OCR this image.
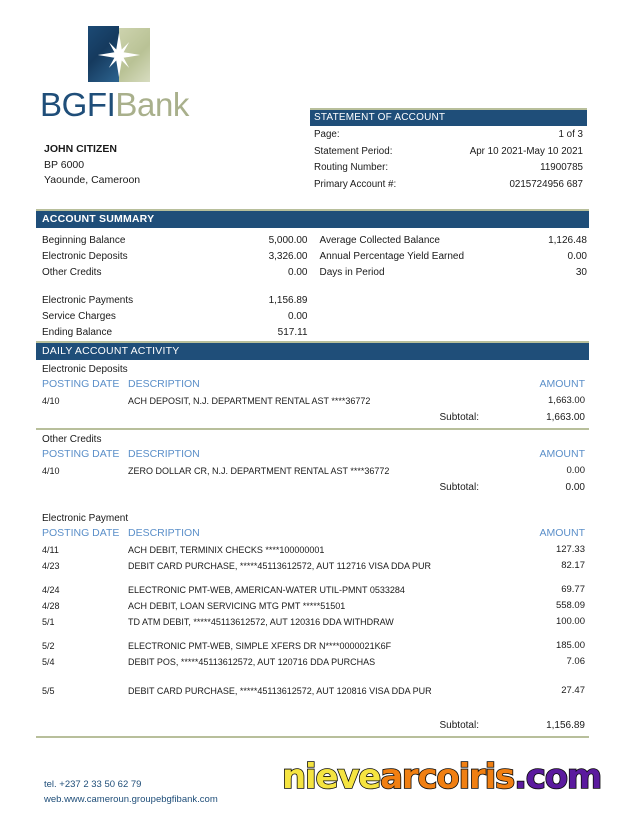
BGFIBank
JOHN CITIZEN
BP 6000
Yaounde, Cameroon
STATEMENT OF ACCOUNT
Page:	1 of 3
Statement Period:	Apr 10 2021-May 10 2021
Routing Number:	11900785
Primary Account #:	0215724956 687
ACCOUNT SUMMARY
Beginning Balance	5,000.00
Electronic Deposits	3,326.00
Other Credits	0.00
Electronic Payments	1,156.89
Service Charges	0.00
Ending Balance	517.11
Average Collected Balance	1,126.48
Annual Percentage Yield Earned	0.00
Days in Period	30
DAILY ACCOUNT ACTIVITY
Electronic Deposits
POSTING DATE DESCRIPTION	AMOUNT
4/10	ACH DEPOSIT, N.J. DEPARTMENT RENTAL AST ****36772	1,663.00
Subtotal:	1,663.00
Other Credits
POSTING DATE DESCRIPTION	AMOUNT
4/10	ZERO DOLLAR CR, N.J. DEPARTMENT RENTAL AST ****36772	0.00
Subtotal:	0.00
Electronic Payment
POSTING DATE DESCRIPTION	AMOUNT
4/11	ACH DEBIT, TERMINIX CHECKS ****100000001	127.33
4/23	DEBIT CARD PURCHASE, *****45113612572, AUT 112716 VISA DDA PUR	82.17
4/24	ELECTRONIC PMT-WEB, AMERICAN-WATER UTIL-PMNT 0533284	69.77
4/28	ACH DEBIT, LOAN SERVICING MTG PMT *****51501	558.09
5/1	TD ATM DEBIT, *****45113612572, AUT 120316 DDA WITHDRAW	100.00
5/2	ELECTRONIC PMT-WEB, SIMPLE XFERS DR N****0000021K6F	185.00
5/4	DEBIT POS, *****45113612572, AUT 120716 DDA PURCHAS	7.06
5/5	DEBIT CARD PURCHASE, *****45113612572, AUT 120816 VISA DDA PUR	27.47
Subtotal:	1,156.89
tel. +237 2 33 50 62 79
web.www.cameroun.groupebgfibank.com
nievearcoiris.com
